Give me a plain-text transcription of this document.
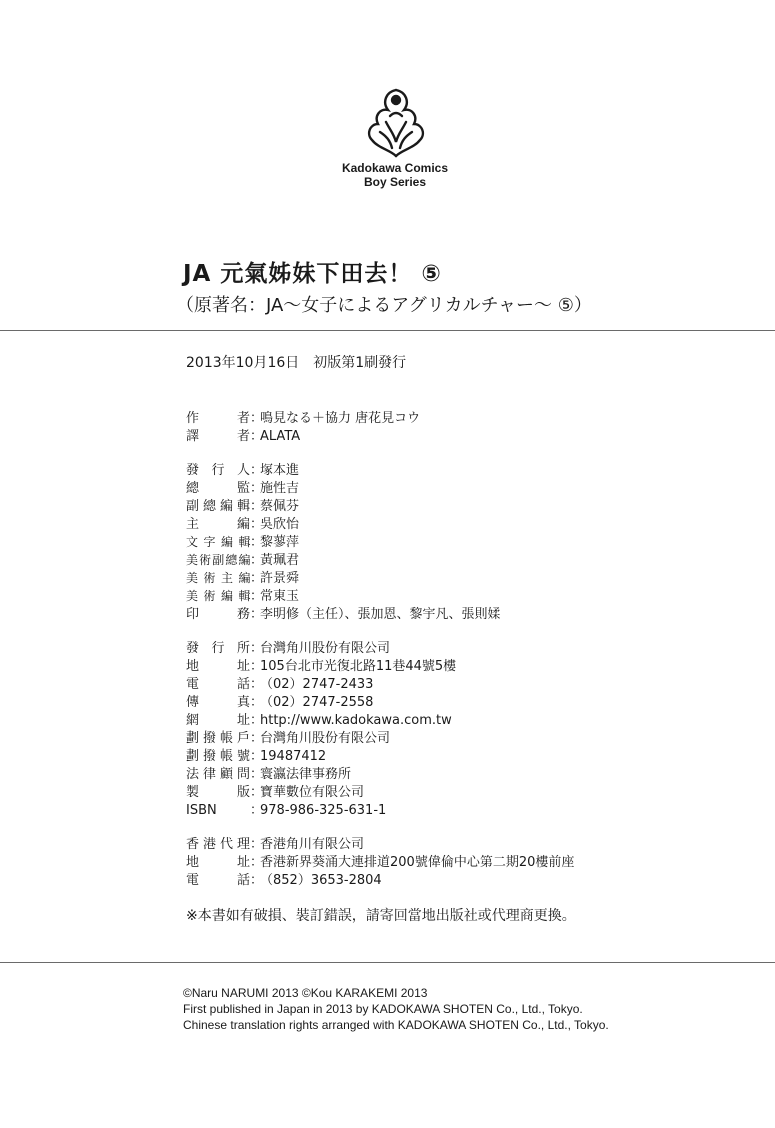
Kadokawa Comics
Boy Series
JA 元氣姊妹下田去！ ⑤
（原著名：JA～女子によるアグリカルチャー～ ⑤）
2013年10月16日　初版第1刷發行
作者 ：
鳴見なる＋協力 唐花見コウ
譯者 ：
ALATA
發行人 ：
塚本進
總監 ：
施性吉
副總編輯 ：
蔡佩芬
主編 ：
吳欣怡
文字編輯 ：
黎蓼萍
美術副總編 ：
黃珮君
美術主編 ：
許景舜
美術編輯 ：
常東玉
印務 ：
李明修（主任）、張加恩、黎宇凡、張則媃
發行所 ：
台灣角川股份有限公司
地址 ：
105台北市光復北路11巷44號5樓
電話 ：
（02）2747-2433
傳真 ：
（02）2747-2558
網址 ：
http://www.kadokawa.com.tw
劃撥帳戶 ：
台灣角川股份有限公司
劃撥帳號 ：
19487412
法律顧問 ：
寰瀛法律事務所
製版 ：
寶華數位有限公司
ISBN	：
978-986-325-631-1
香港代理 ：
香港角川有限公司
地址 ：
香港新界葵涌大連排道200號偉倫中心第二期20樓前座
電話 ：
（852）3653-2804
※本書如有破損、裝訂錯誤，請寄回當地出版社或代理商更換。
©Naru NARUMI 2013 ©Kou KARAKEMI 2013
First published in Japan in 2013 by KADOKAWA SHOTEN Co., Ltd., Tokyo.
Chinese translation rights arranged with KADOKAWA SHOTEN Co., Ltd., Tokyo.
